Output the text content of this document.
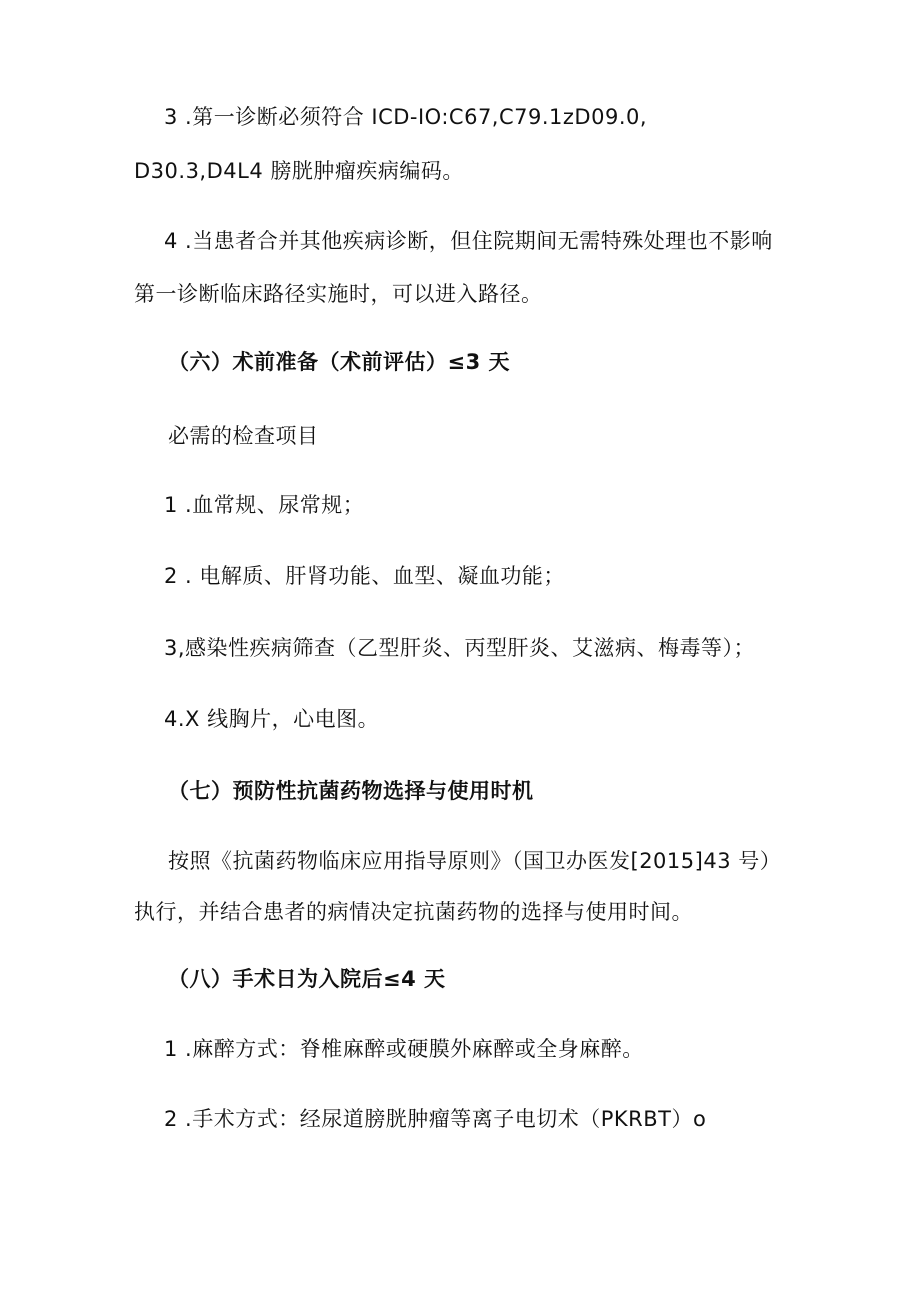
3 .第一诊断必须符合 ICD-IO:C67,C79.1zD09.0,
D30.3,D4L4 膀胱肿瘤疾病编码。
4 .当患者合并其他疾病诊断，但住院期间无需特殊处理也不影响
第一诊断临床路径实施时，可以进入路径。
（六）术前准备（术前评估）≤3 天
必需的检查项目
1 .血常规、尿常规；
2 . 电解质、肝肾功能、血型、凝血功能；
3,感染性疾病筛查（乙型肝炎、丙型肝炎、艾滋病、梅毒等）；
4.X 线胸片，心电图。
（七）预防性抗菌药物选择与使用时机
按照《抗菌药物临床应用指导原则》（国卫办医发[2015]43 号）
执行，并结合患者的病情决定抗菌药物的选择与使用时间。
（八）手术日为入院后≤4 天
1 .麻醉方式：脊椎麻醉或硬膜外麻醉或全身麻醉。
2 .手术方式：经尿道膀胱肿瘤等离子电切术（PKRBT）o
